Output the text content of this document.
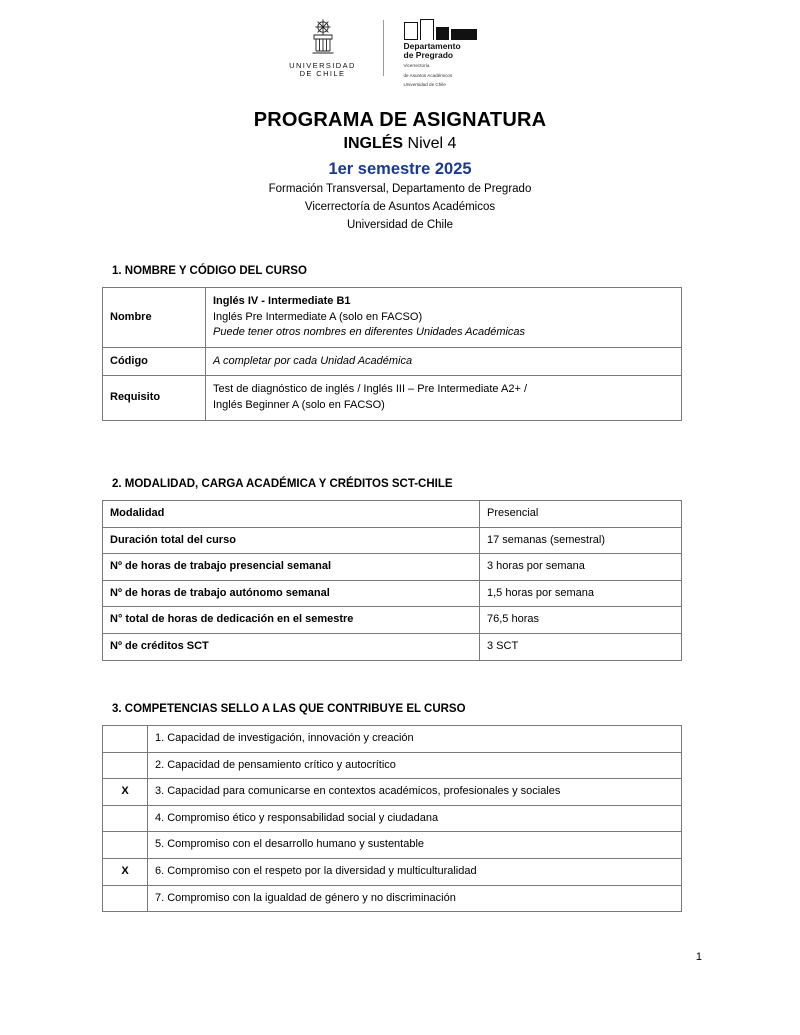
UNIVERSIDAD
DE CHILE
Departamento
de Pregrado
Vicerrectoría
de Asuntos Académicos
Universidad de Chile
PROGRAMA DE ASIGNATURA
INGLÉS Nivel 4
1er semestre 2025
Formación Transversal, Departamento de Pregrado
Vicerrectoría de Asuntos Académicos
Universidad de Chile
1. NOMBRE Y CÓDIGO DEL CURSO
Nombre	Inglés IV - Intermediate B1
Inglés Pre Intermediate A (solo en FACSO)
Puede tener otros nombres en diferentes Unidades Académicas

Código	A completar por cada Unidad Académica
Requisito	Test de diagnóstico de inglés / Inglés III – Pre Intermediate A2+ /
Inglés Beginner A (solo en FACSO)
2. MODALIDAD, CARGA ACADÉMICA Y CRÉDITOS SCT-CHILE
Modalidad	Presencial
Duración total del curso	17 semanas (semestral)
Nº de horas de trabajo presencial semanal	3 horas por semana
Nº de horas de trabajo autónomo semanal	1,5 horas por semana
N° total de horas de dedicación en el semestre	76,5 horas
Nº de créditos SCT	3 SCT
3. COMPETENCIAS SELLO A LAS QUE CONTRIBUYE EL CURSO
	1. Capacidad de investigación, innovación y creación
	2. Capacidad de pensamiento crítico y autocrítico
X	3. Capacidad para comunicarse en contextos académicos, profesionales y sociales
	4. Compromiso ético y responsabilidad social y ciudadana
	5. Compromiso con el desarrollo humano y sustentable
X	6. Compromiso con el respeto por la diversidad y multiculturalidad
	7. Compromiso con la igualdad de género y no discriminación
1
